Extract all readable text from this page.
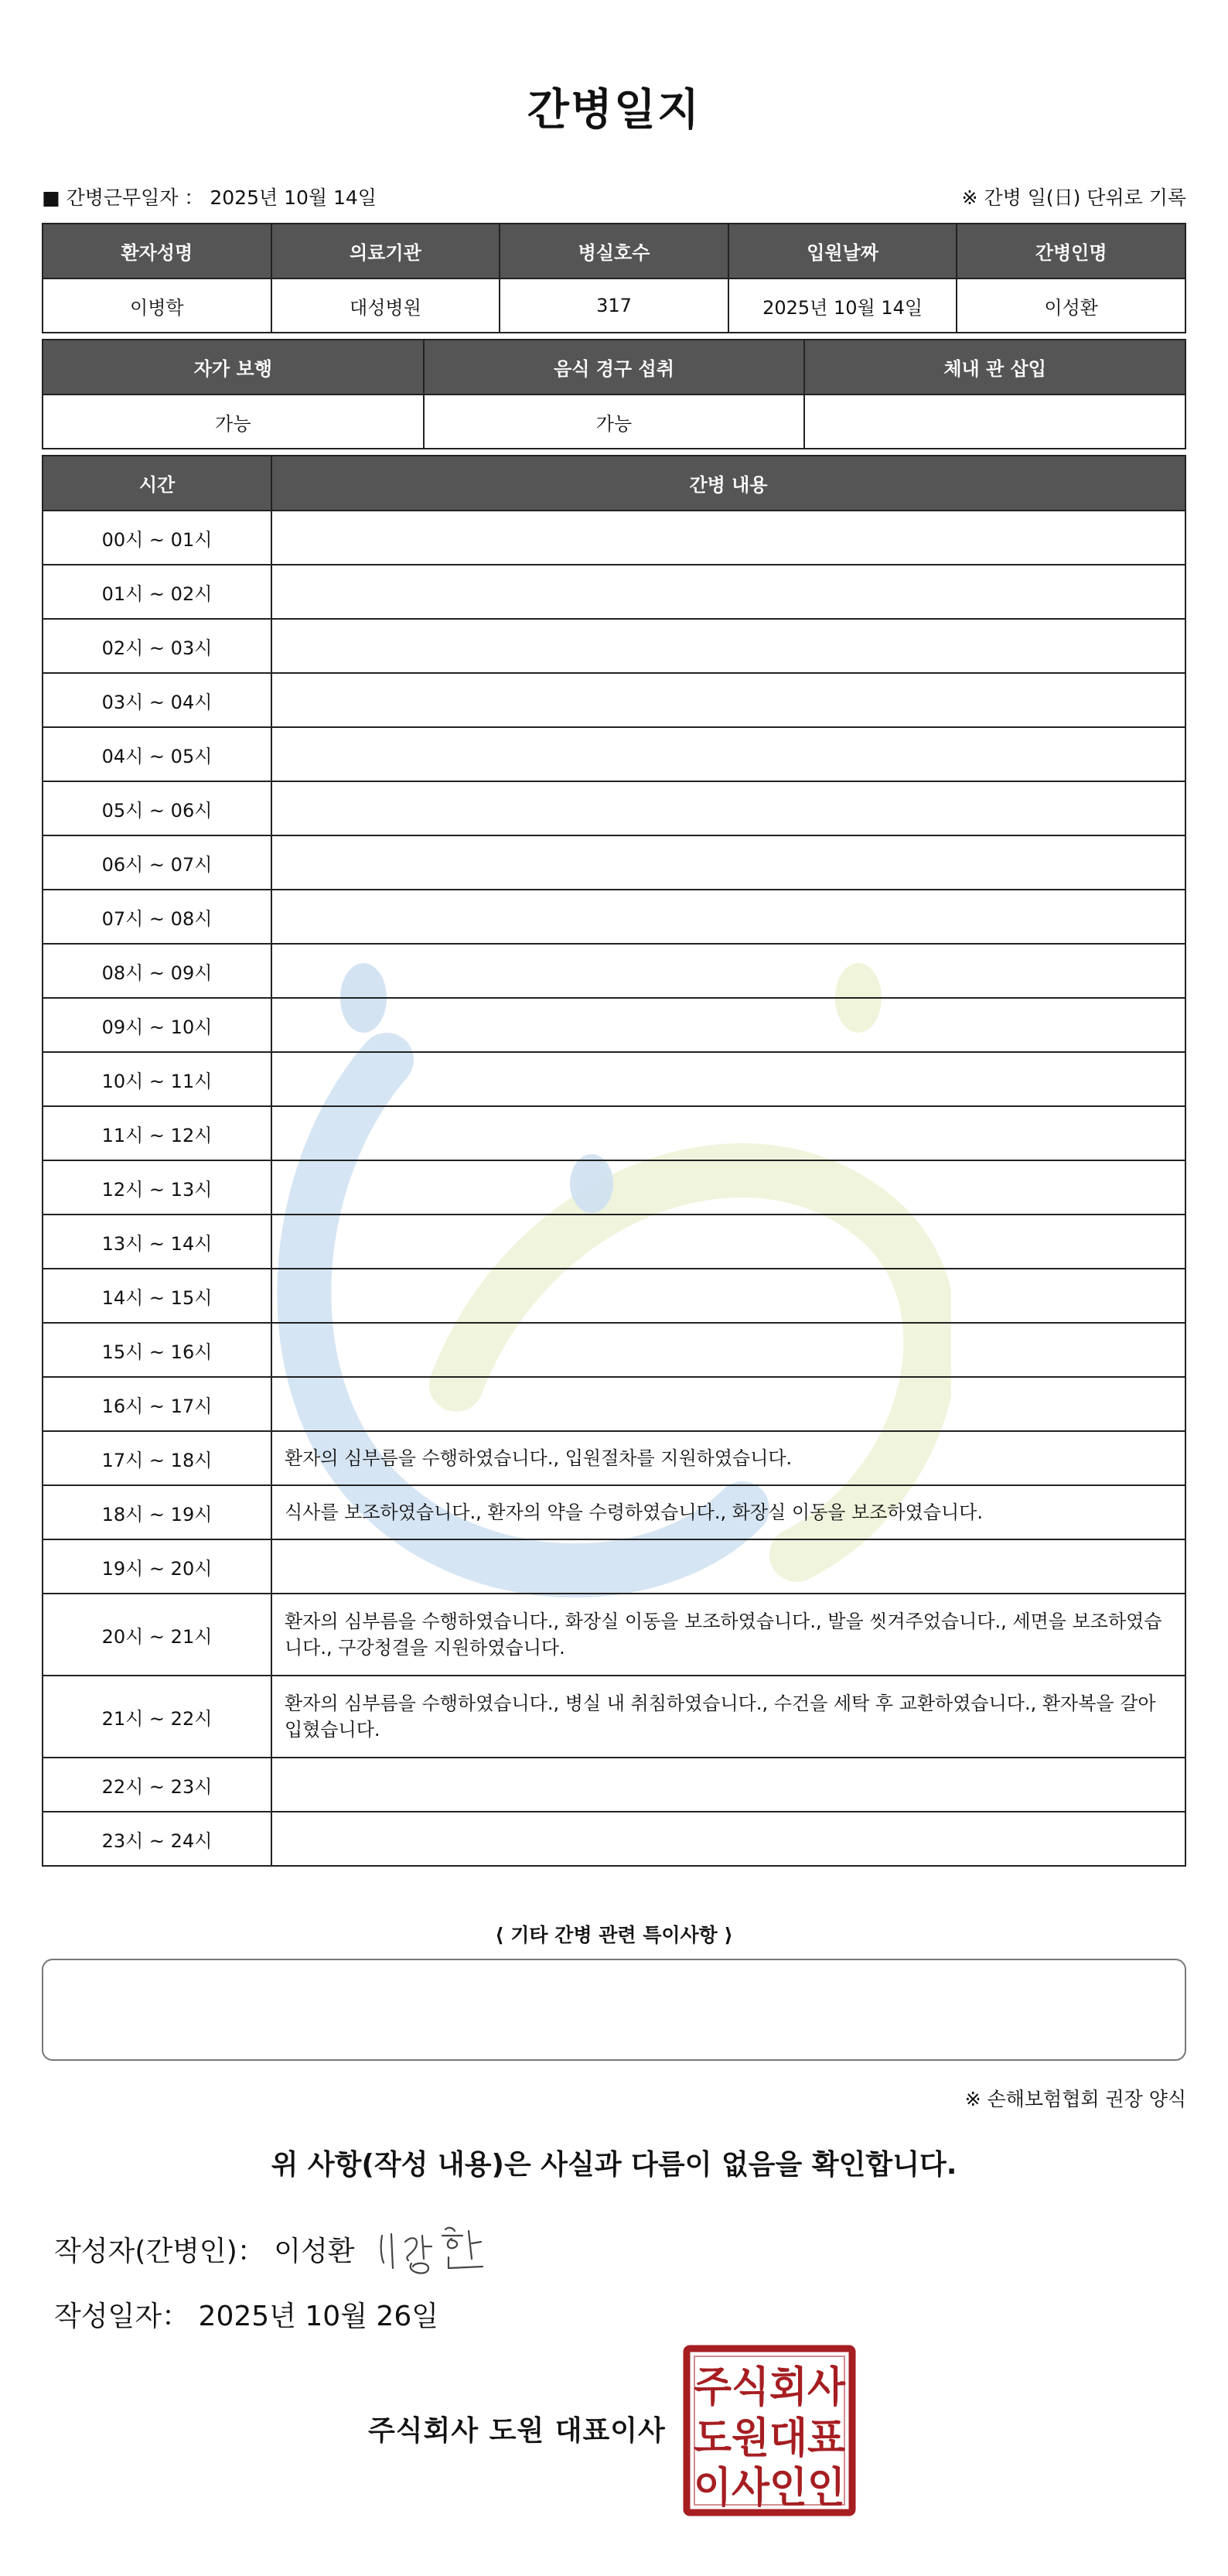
간병일지
■ 간병근무일자 ： 2025년 10월 14일	※ 간병 일(日) 단위로 기록
환자성명	의료기관	병실호수	입원날짜	간병인명
이병학	대성병원	317	2025년 10월 14일	이성환
자가 보행	음식 경구 섭취	체내 관 삽입
가능	가능	
시간	간병 내용
00시 ~ 01시	
01시 ~ 02시	
02시 ~ 03시	
03시 ~ 04시	
04시 ~ 05시	
05시 ~ 06시	
06시 ~ 07시	
07시 ~ 08시	
08시 ~ 09시	
09시 ~ 10시	
10시 ~ 11시	
11시 ~ 12시	
12시 ~ 13시	
13시 ~ 14시	
14시 ~ 15시	
15시 ~ 16시	
16시 ~ 17시	
17시 ~ 18시	환자의 심부름을 수행하였습니다., 입원절차를 지원하였습니다.
18시 ~ 19시	식사를 보조하였습니다., 환자의 약을 수령하였습니다., 화장실 이동을 보조하였습니다.
19시 ~ 20시	
20시 ~ 21시	환자의 심부름을 수행하였습니다., 화장실 이동을 보조하였습니다., 발을 씻겨주었습니다., 세면을 보조하였습니다., 구강청결을 지원하였습니다.
21시 ~ 22시	환자의 심부름을 수행하였습니다., 병실 내 취침하였습니다., 수건을 세탁 후 교환하였습니다., 환자복을 갈아입혔습니다.
22시 ~ 23시	
23시 ~ 24시	
⟨ 기타 간병 관련 특이사항 ⟩
※ 손해보험협회 권장 양식
위 사항(작성 내용)은 사실과 다름이 없음을 확인합니다.
작성자(간병인)： 이성환
작성일자： 2025년 10월 26일
주식회사 도원 대표이사
주식회사
도원대표
이사인인
